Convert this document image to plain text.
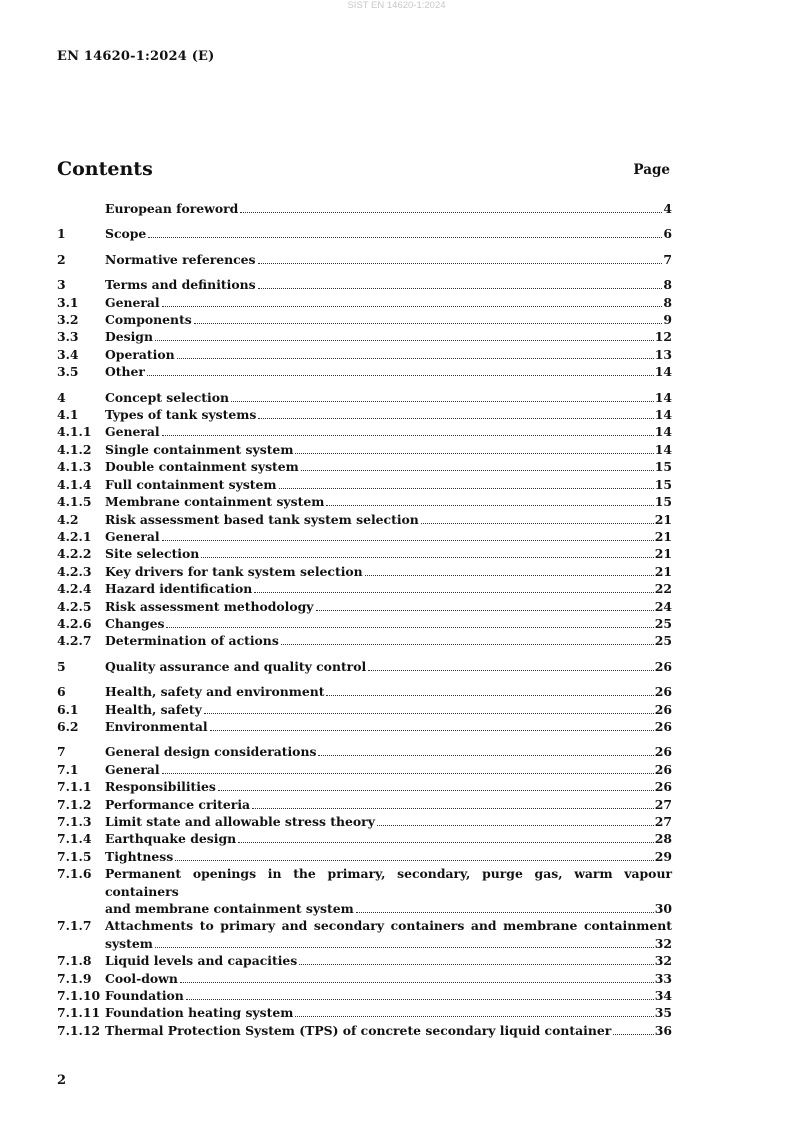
SIST EN 14620-1:2024
EN 14620-1:2024 (E)
Contents	Page
European foreword	4
1	Scope	6
2	Normative references	7
3	Terms and definitions	8
3.1	General	8
3.2	Components	9
3.3	Design	12
3.4	Operation	13
3.5	Other	14
4	Concept selection	14
4.1	Types of tank systems	14
4.1.1	General	14
4.1.2	Single containment system	14
4.1.3	Double containment system	15
4.1.4	Full containment system	15
4.1.5	Membrane containment system	15
4.2	Risk assessment based tank system selection	21
4.2.1	General	21
4.2.2	Site selection	21
4.2.3	Key drivers for tank system selection	21
4.2.4	Hazard identification	22
4.2.5	Risk assessment methodology	24
4.2.6	Changes	25
4.2.7	Determination of actions	25
5	Quality assurance and quality control	26
6	Health, safety and environment	26
6.1	Health, safety	26
6.2	Environmental	26
7	General design considerations	26
7.1	General	26
7.1.1	Responsibilities	26
7.1.2	Performance criteria	27
7.1.3	Limit state and allowable stress theory	27
7.1.4	Earthquake design	28
7.1.5	Tightness	29
7.1.6	Permanent openings in the primary, secondary, purge gas, warm vapour containers
and membrane containment system	30
7.1.7	Attachments to primary and secondary containers and membrane containment
system	32
7.1.8	Liquid levels and capacities	32
7.1.9	Cool-down	33
7.1.10 Foundation	34
7.1.11 Foundation heating system	35
7.1.12 Thermal Protection System (TPS) of concrete secondary liquid container	36
2
